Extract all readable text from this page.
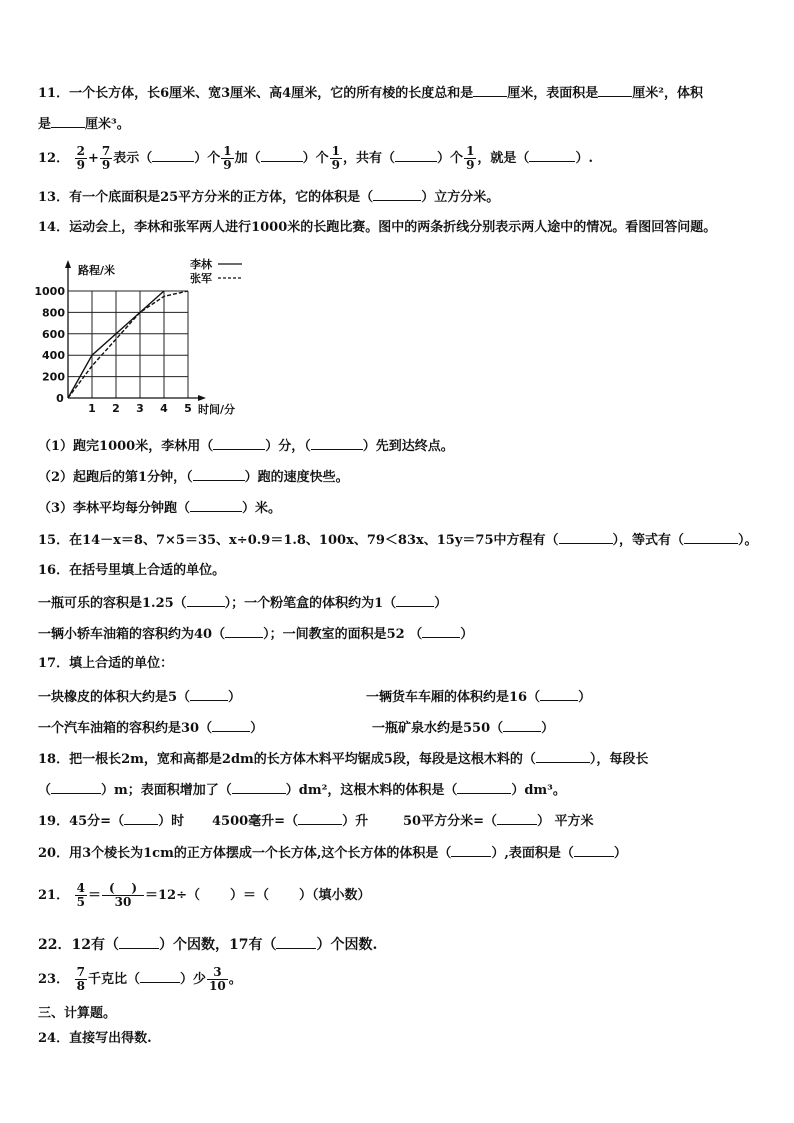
11．一个长方体，长6厘米、宽3厘米、高4厘米，它的所有棱的长度总和是	厘米，表面积是	厘米²，体积
是	厘米³。
12． $\frac{2}{9} + \frac{7}{9}$ 表示（	）个 $\frac{1}{9}$ 加（	）个 $\frac{1}{9}$ ，共有（	）个 $\frac{1}{9}$ ，就是（	）.
13．有一个底面积是25平方分米的正方体，它的体积是（	）立方分米。
14．运动会上，李林和张军两人进行1000米的长跑比赛。图中的两条折线分别表示两人途中的情况。看图回答问题。
路程/米
时间/分
0
1 2 3 4 5
200
400
600
800
1000
李林
张军
（1）跑完1000米，李林用（	）分，（	）先到达终点。
（2）起跑后的第1分钟，（	）跑的速度快些。
（3）李林平均每分钟跑（	）米。
15．在14－x＝8、7×5＝35、x÷0.9＝1.8、100x、79＜83x、15y＝75中方程有（	），等式有（	）。
16．在括号里填上合适的单位。
一瓶可乐的容积是1.25（	）；一个粉笔盒的体积约为1（	）
一辆小轿车油箱的容积约为40（	）；一间教室的面积是52 （	）
17．填上合适的单位：
一块橡皮的体积大约是5（	）	一辆货车车厢的体积约是16（	）
一个汽车油箱的容积约是30（	）	一瓶矿泉水约是550（	）
18．把一根长2m，宽和高都是2dm的长方体木料平均锯成5段，每段是这根木料的（	），每段长
（	）m；表面积增加了（	）dm²，这根木料的体积是（	）dm³。
19．45分=（	）时 4500毫升=（	）升	50平方分米=（	） 平方米
20．用3个棱长为1cm的正方体摆成一个长方体,这个长方体的体积是（	）,表面积是（	）
21． $\frac{4}{5} = \frac{( )}{30} =12\div$（ ）＝（ ）（填小数）
22．12有（	）个因数，17有（	）个因数.
23． $\frac{7}{8}$ 千克比（	）少 $\frac{3}{10}$ 。
三、计算题。
24．直接写出得数.
